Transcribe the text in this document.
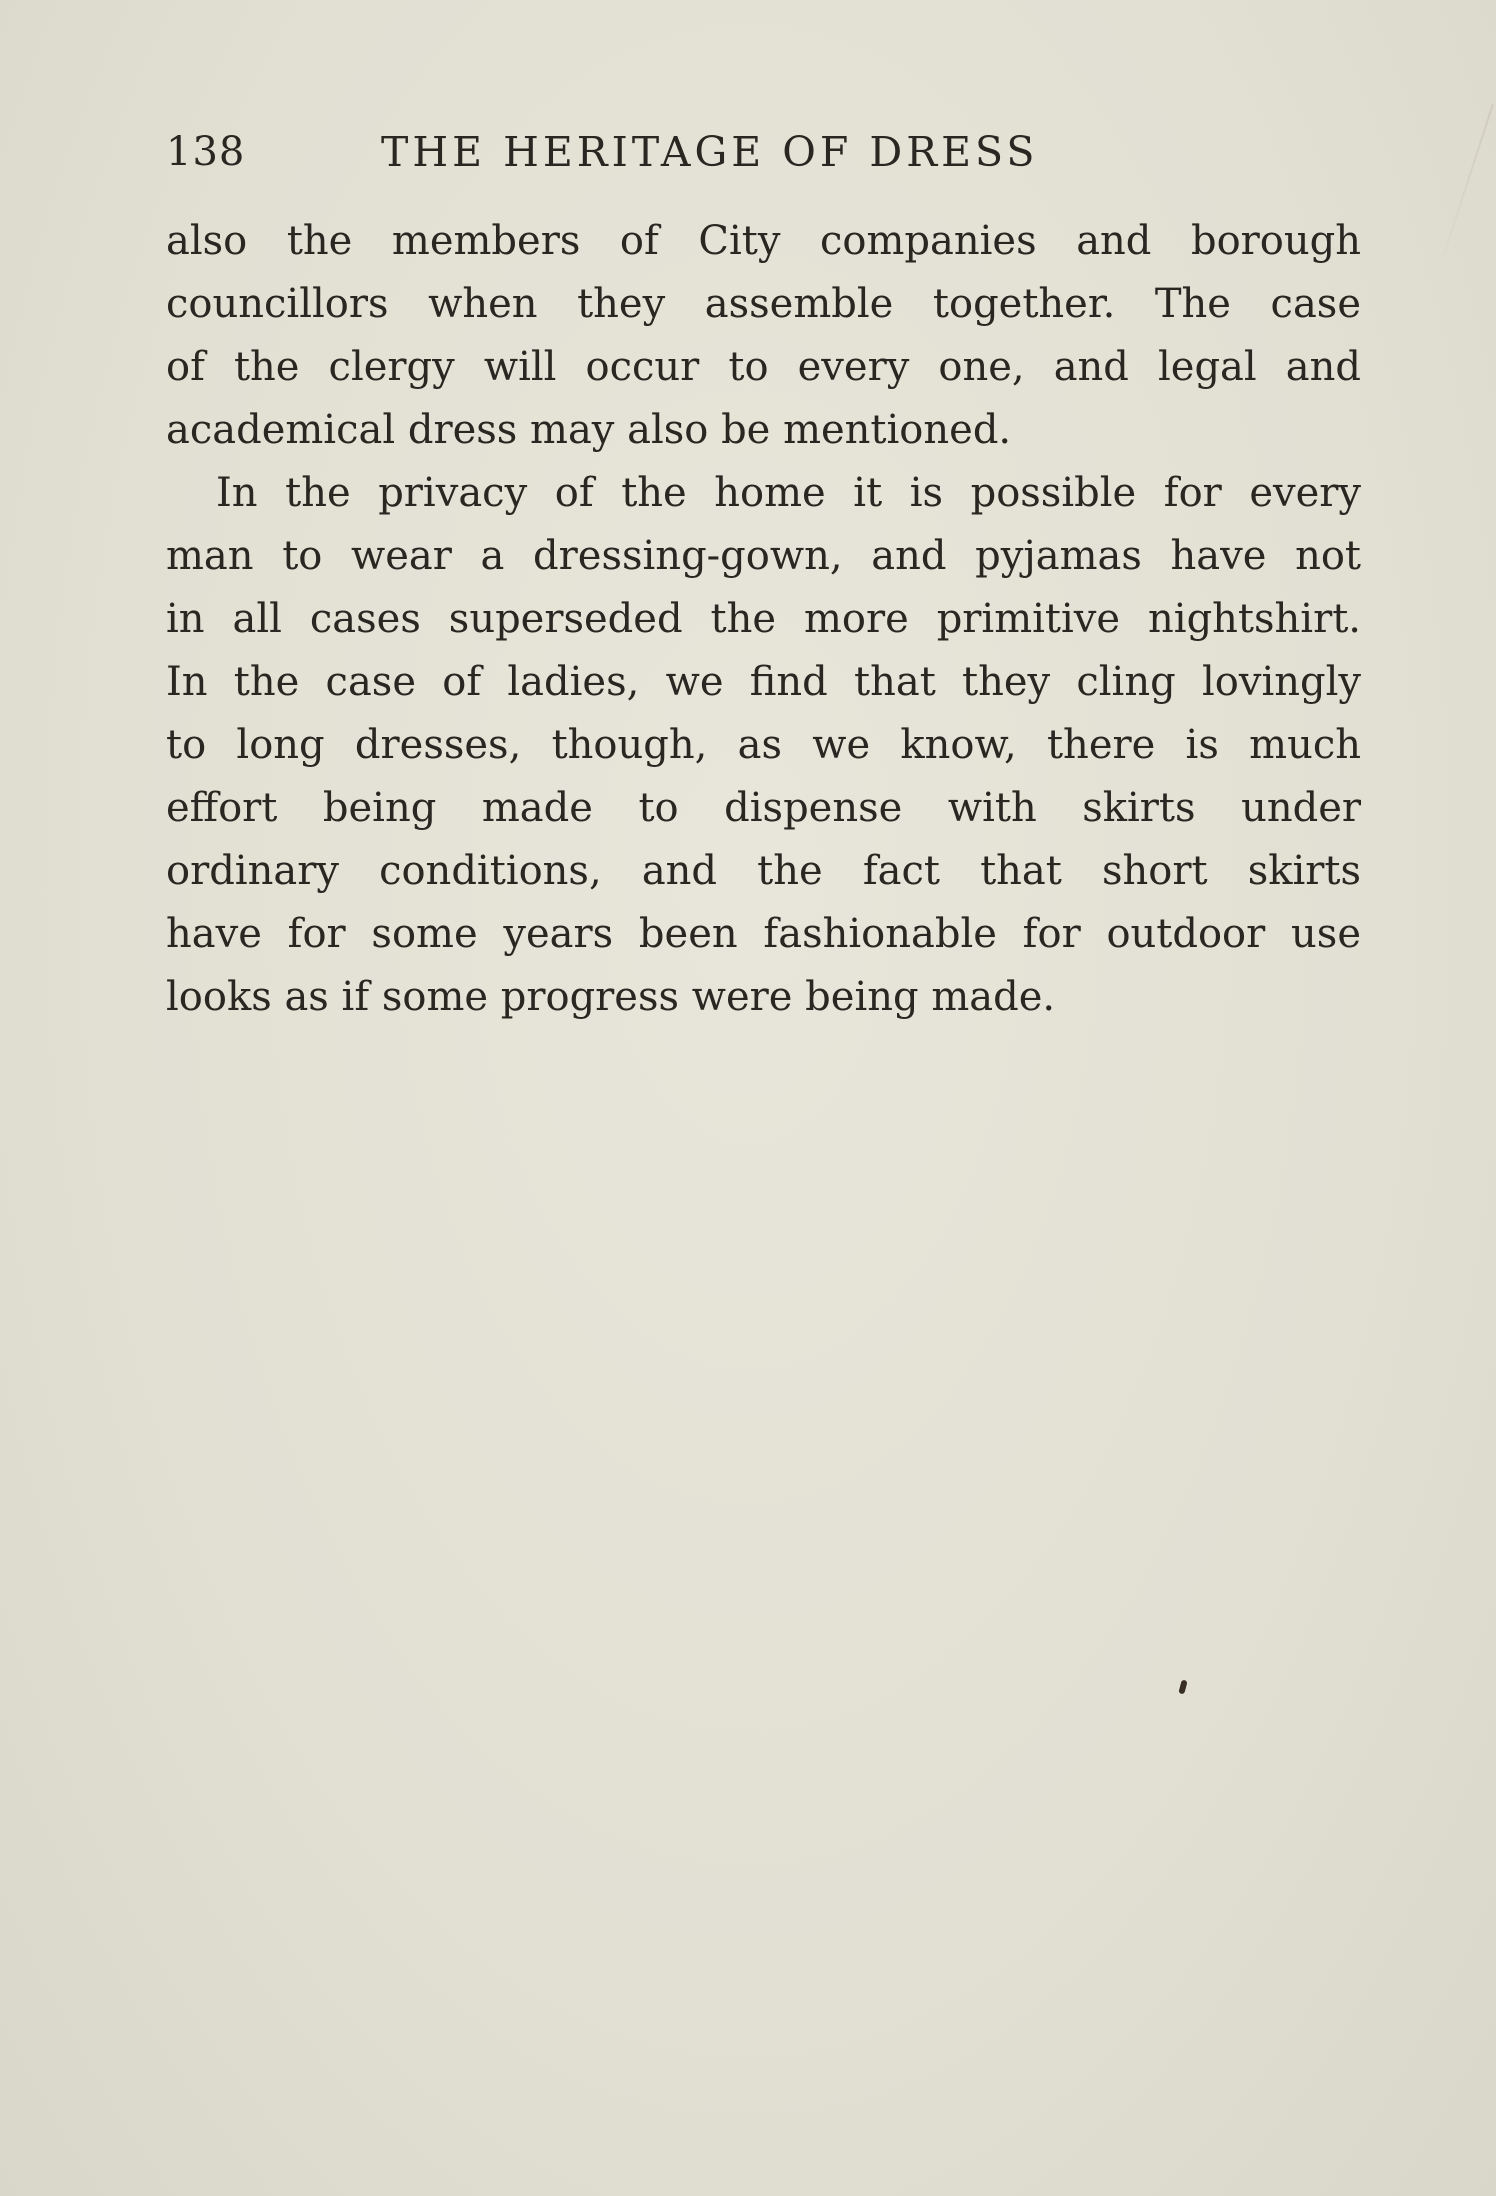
138	THE HERITAGE OF DRESS

also the members of City companies and borough
councillors when they assemble together. The case
of the clergy will occur to every one, and legal and
academical dress may also be mentioned.

In the privacy of the home it is possible for every
man to wear a dressing-gown, and pyjamas have not
in all cases superseded the more primitive nightshirt.
In the case of ladies, we find that they cling lovingly
to long dresses, though, as we know, there is much
effort being made to dispense with skirts under
ordinary conditions, and the fact that short skirts
have for some years been fashionable for outdoor use
looks as if some progress were being made.
